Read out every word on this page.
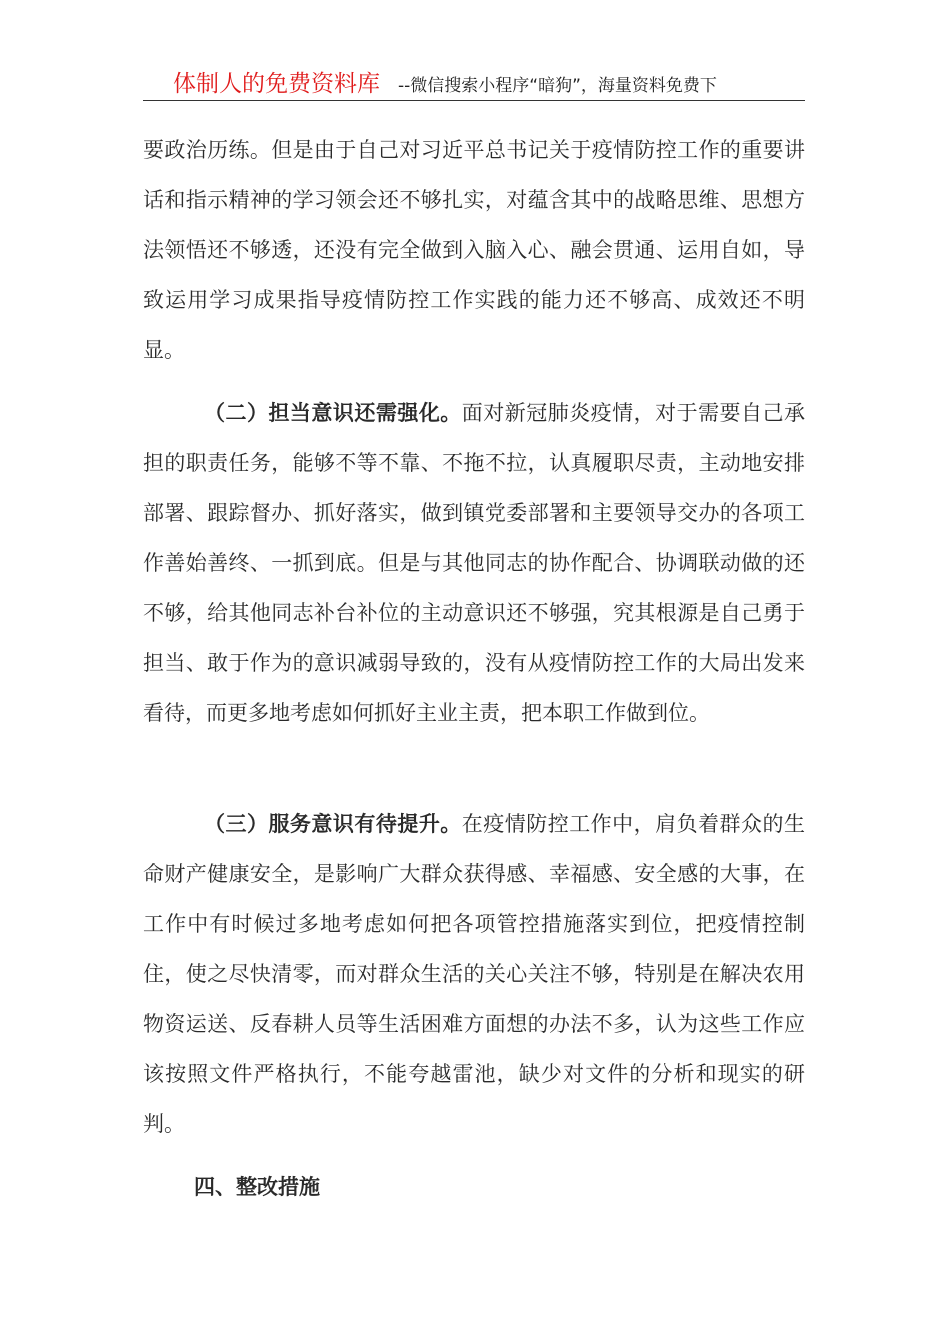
体制人的免费资料库 --微信搜索小程序“暗狗”，海量资料免费下

要政治历练。但是由于自己对习近平总书记关于疫情防控工作的重要讲话和指示精神的学习领会还不够扎实，对蕴含其中的战略思维、思想方法领悟还不够透，还没有完全做到入脑入心、融会贯通、运用自如，导致运用学习成果指导疫情防控工作实践的能力还不够高、成效还不明显。

（二）担当意识还需强化。面对新冠肺炎疫情，对于需要自己承担的职责任务，能够不等不靠、不拖不拉，认真履职尽责，主动地安排部署、跟踪督办、抓好落实，做到镇党委部署和主要领导交办的各项工作善始善终、一抓到底。但是与其他同志的协作配合、协调联动做的还不够，给其他同志补台补位的主动意识还不够强，究其根源是自己勇于担当、敢于作为的意识减弱导致的，没有从疫情防控工作的大局出发来看待，而更多地考虑如何抓好主业主责，把本职工作做到位。

（三）服务意识有待提升。在疫情防控工作中，肩负着群众的生命财产健康安全，是影响广大群众获得感、幸福感、安全感的大事，在工作中有时候过多地考虑如何把各项管控措施落实到位，把疫情控制住，使之尽快清零，而对群众生活的关心关注不够，特别是在解决农用物资运送、反春耕人员等生活困难方面想的办法不多，认为这些工作应该按照文件严格执行，不能夸越雷池，缺少对文件的分析和现实的研判。

四、整改措施
